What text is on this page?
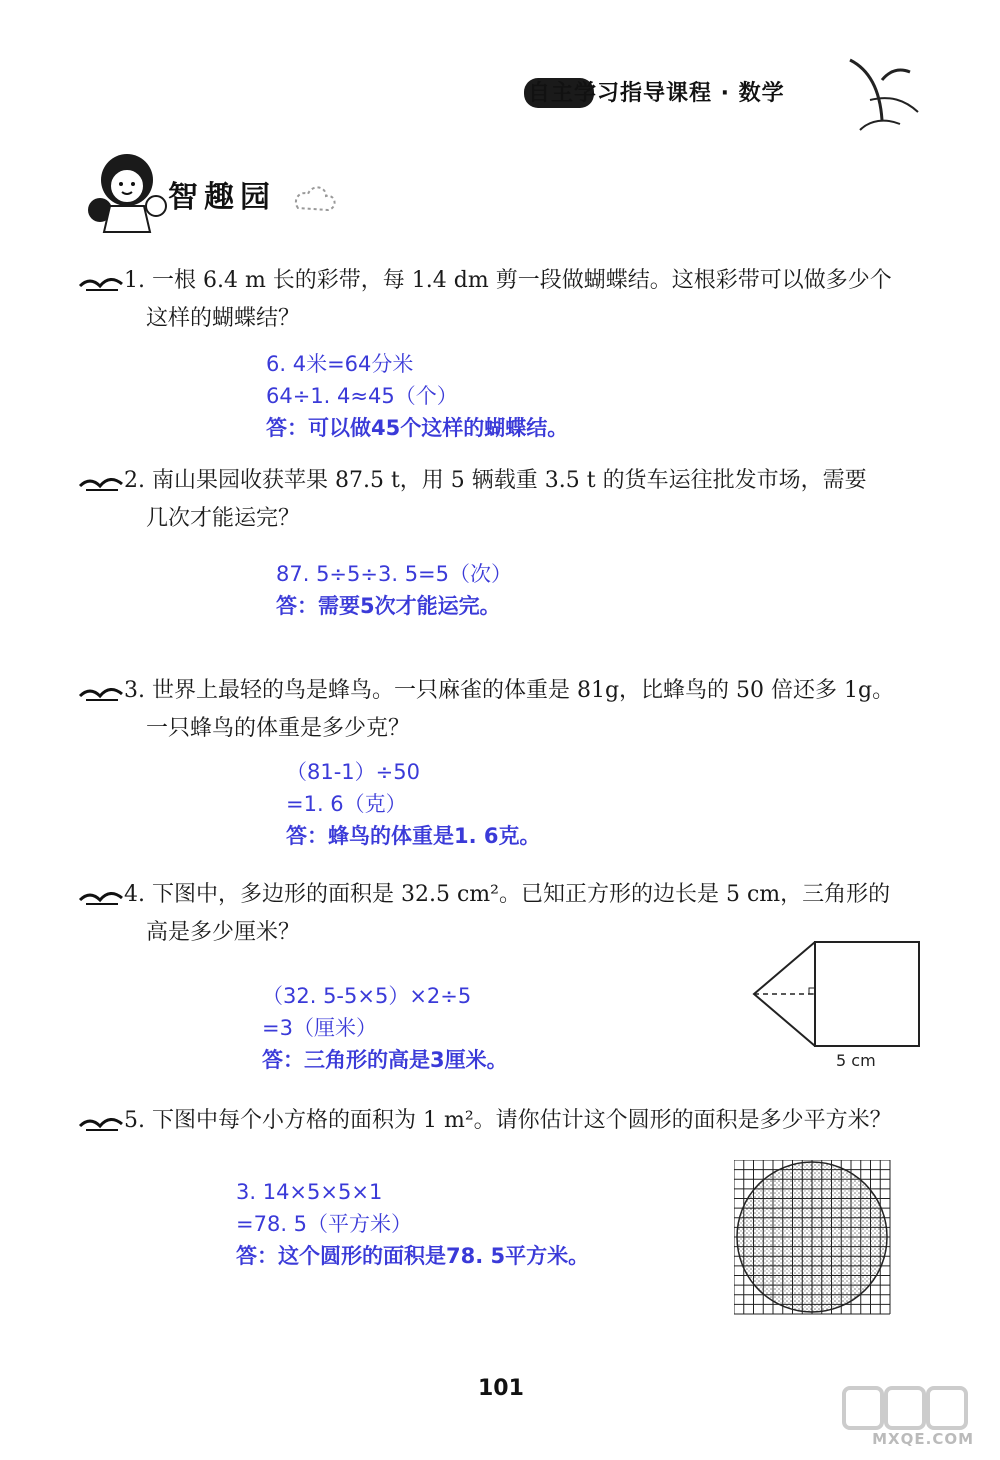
自主学习指导课程 · 数学
智趣园
1. 一根 6.4 m 长的彩带，每 1.4 dm 剪一段做蝴蝶结。这根彩带可以做多少个
这样的蝴蝶结？
6. 4米=64分米
64÷1. 4≈45（个）
答：可以做45个这样的蝴蝶结。
2. 南山果园收获苹果 87.5 t，用 5 辆载重 3.5 t 的货车运往批发市场，需要
几次才能运完？
87. 5÷5÷3. 5=5（次）
答：需要5次才能运完。
3. 世界上最轻的鸟是蜂鸟。一只麻雀的体重是 81g，比蜂鸟的 50 倍还多 1g。
一只蜂鸟的体重是多少克？
（81-1）÷50
=1. 6（克）
答：蜂鸟的体重是1. 6克。
4. 下图中，多边形的面积是 32.5 cm²。已知正方形的边长是 5 cm，三角形的
高是多少厘米？
（32. 5-5×5）×2÷5
=3（厘米）
答：三角形的高是3厘米。	5 cm
5. 下图中每个小方格的面积为 1 m²。请你估计这个圆形的面积是多少平方米？
3. 14×5×5×1
=78. 5（平方米）
答：这个圆形的面积是78. 5平方米。
101
MXQE.COM
